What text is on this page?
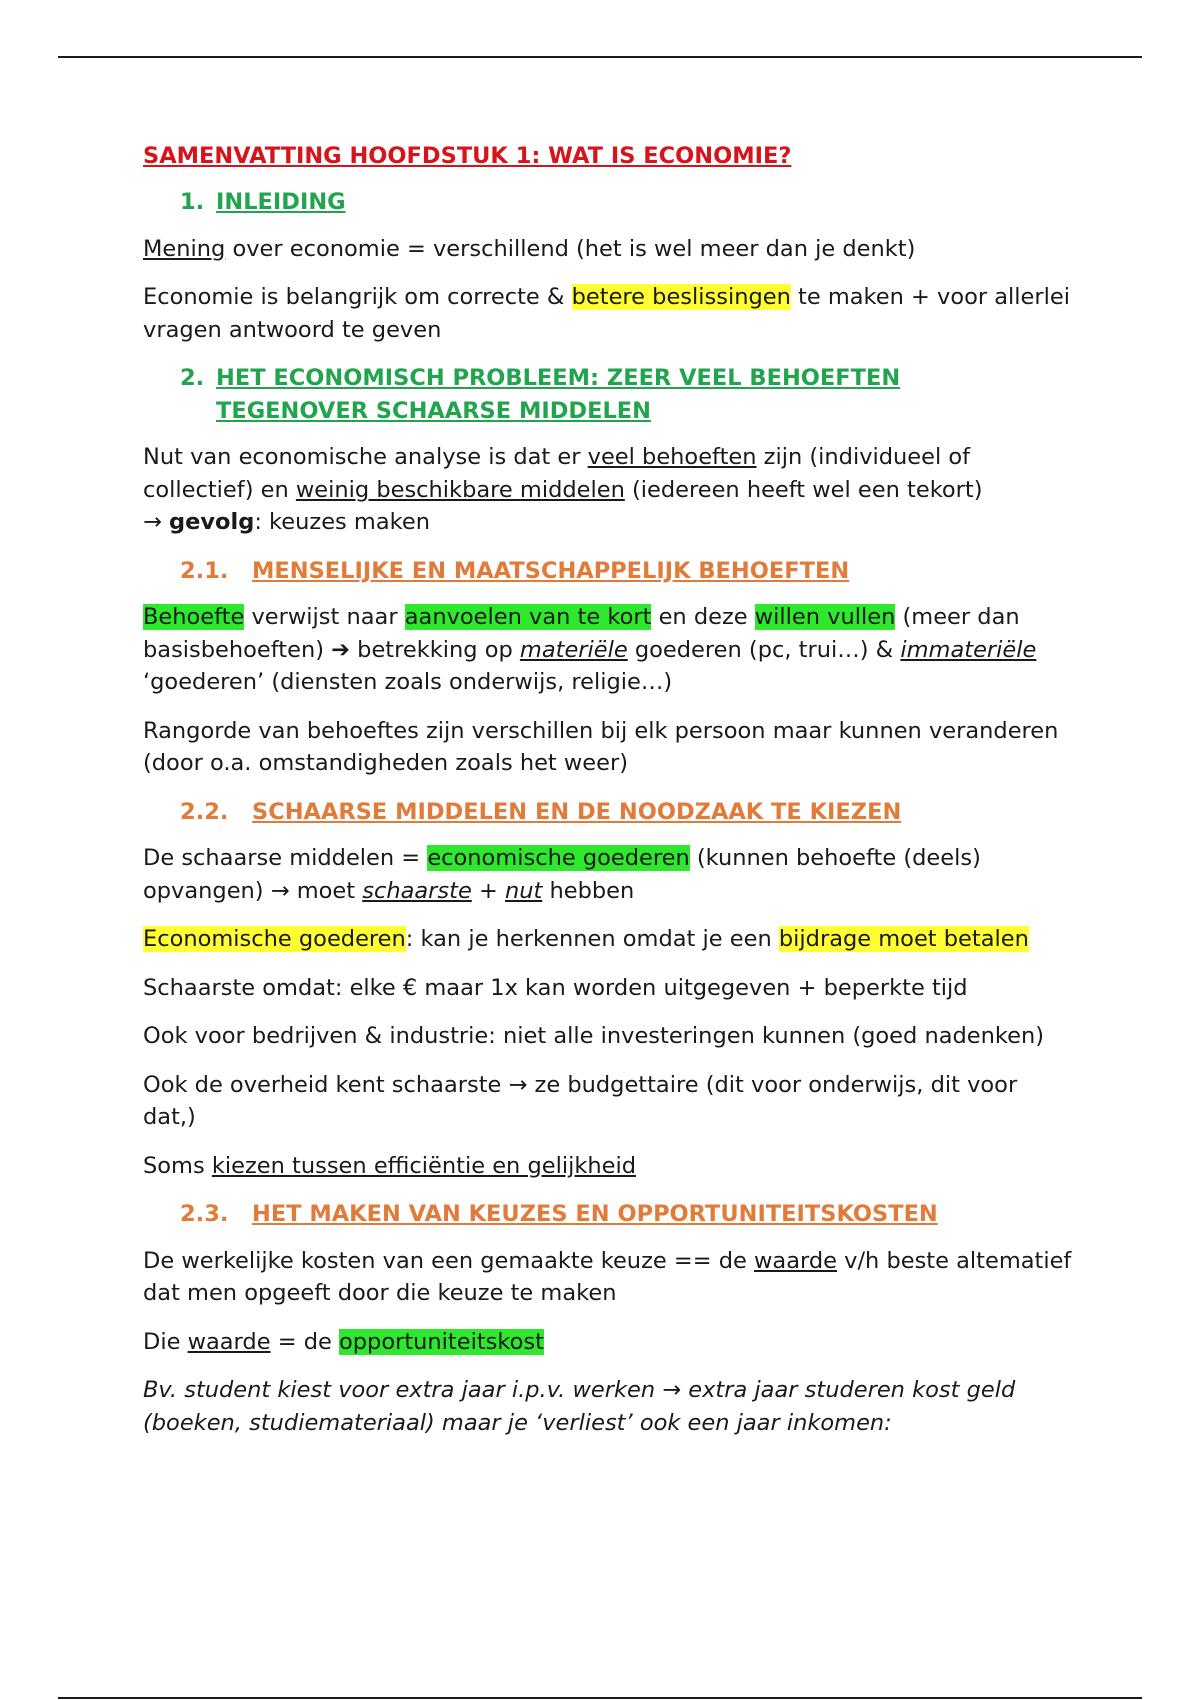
SAMENVATTING HOOFDSTUK 1: WAT IS ECONOMIE?
1. INLEIDING

Mening over economie = verschillend (het is wel meer dan je denkt)

Economie is belangrijk om correcte & betere beslissingen te maken + voor allerlei vragen antwoord te geven

2. HET ECONOMISCH PROBLEEM: ZEER VEEL BEHOEFTEN TEGENOVER SCHAARSE MIDDELEN

Nut van economische analyse is dat er veel behoeften zijn (individueel of collectief) en weinig beschikbare middelen (iedereen heeft wel een tekort)
→ gevolg: keuzes maken

2.1.	MENSELIJKE EN MAATSCHAPPELIJK BEHOEFTEN

Behoefte verwijst naar aanvoelen van te kort en deze willen vullen (meer dan basisbehoeften) ➔ betrekking op materiële goederen (pc, trui…) & immateriële ‘goederen’ (diensten zoals onderwijs, religie…)

Rangorde van behoeftes zijn verschillen bij elk persoon maar kunnen veranderen (door o.a. omstandigheden zoals het weer)

2.2.	SCHAARSE MIDDELEN EN DE NOODZAAK TE KIEZEN

De schaarse middelen = economische goederen (kunnen behoefte (deels) opvangen) → moet schaarste + nut hebben

Economische goederen: kan je herkennen omdat je een bijdrage moet betalen

Schaarste omdat: elke € maar 1x kan worden uitgegeven + beperkte tijd

Ook voor bedrijven & industrie: niet alle investeringen kunnen (goed nadenken)

Ook de overheid kent schaarste → ze budgettaire (dit voor onderwijs, dit voor dat,)

Soms kiezen tussen efficiëntie en gelijkheid

2.3.	HET MAKEN VAN KEUZES EN OPPORTUNITEITSKOSTEN

De werkelijke kosten van een gemaakte keuze == de waarde v/h beste altematief dat men opgeeft door die keuze te maken

Die waarde = de opportuniteitskost

Bv. student kiest voor extra jaar i.p.v. werken → extra jaar studeren kost geld (boeken, studiemateriaal) maar je ‘verliest’ ook een jaar inkomen:
